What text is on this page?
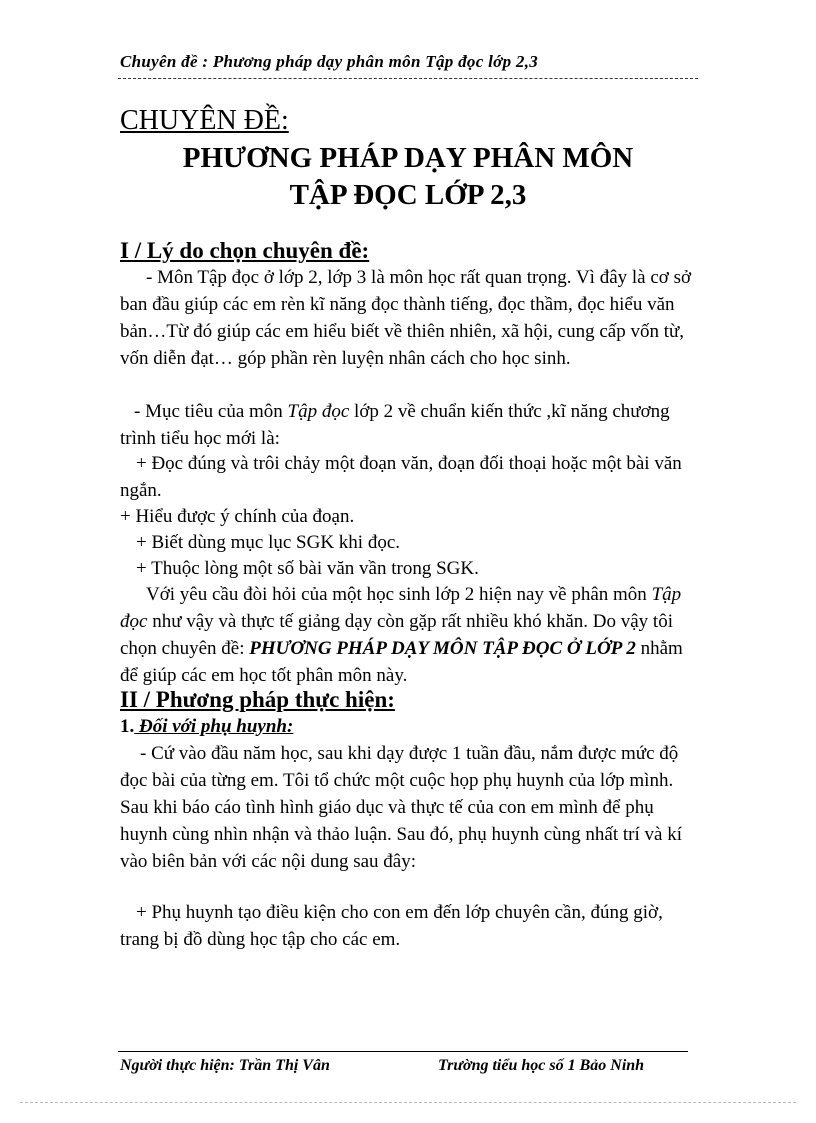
Chuyên đề : Phương pháp dạy phân môn Tập đọc lớp 2,3
CHUYÊN ĐỀ:
PHƯƠNG PHÁP DẠY PHÂN MÔN
TẬP ĐỌC LỚP 2,3
I / Lý do chọn chuyên đề:
- Môn Tập đọc ở lớp 2, lớp 3 là môn học rất quan trọng. Vì đây là cơ sở ban đầu giúp các em rèn kĩ năng đọc thành tiếng, đọc thầm, đọc hiểu văn bản…Từ đó giúp các em hiểu biết về thiên nhiên, xã hội, cung cấp vốn từ, vốn diễn đạt… góp phần rèn luyện nhân cách cho học sinh.
- Mục tiêu của môn Tập đọc lớp 2 về chuẩn kiến thức ,kĩ năng chương trình tiểu học mới là:
+ Đọc đúng và trôi chảy một đoạn văn, đoạn đối thoại hoặc một bài văn ngắn.
+ Hiểu được ý chính của đoạn.
+ Biết dùng mục lục SGK khi đọc.
+ Thuộc lòng một số bài văn vần trong SGK.
Với yêu cầu đòi hỏi của một học sinh lớp 2 hiện nay về phân môn Tập đọc như vậy và thực tế giảng dạy còn gặp rất nhiều khó khăn. Do vậy tôi chọn chuyên đề: PHƯƠNG PHÁP DẠY MÔN TẬP ĐỌC Ở LỚP 2 nhằm để giúp các em học tốt phân môn này.
II / Phương pháp thực hiện:
1. Đối với phụ huynh:
- Cứ vào đầu năm học, sau khi dạy được 1 tuần đầu, nắm được mức độ đọc bài của từng em. Tôi tổ chức một cuộc họp phụ huynh của lớp mình. Sau khi báo cáo tình hình giáo dục và thực tế của con em mình để phụ huynh cùng nhìn nhận và thảo luận. Sau đó, phụ huynh cùng nhất trí và kí vào biên bản với các nội dung sau đây:
+ Phụ huynh tạo điều kiện cho con em đến lớp chuyên cần, đúng giờ, trang bị đồ dùng học tập cho các em.
Người thực hiện: Trần Thị Vân	Trường tiểu học số 1 Bảo Ninh
